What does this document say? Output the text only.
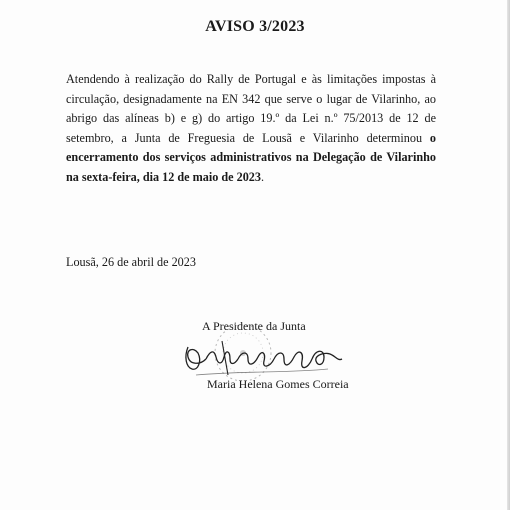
AVISO 3/2023

Atendendo à realização do Rally de Portugal e às limitações impostas à circulação, designadamente na EN 342 que serve o lugar de Vilarinho, ao abrigo das alíneas b) e g) do artigo 19.º da Lei n.º 75/2013 de 12 de setembro, a Junta de Freguesia de Lousã e Vilarinho determinou o encerramento dos serviços administrativos na Delegação de Vilarinho na sexta-feira, dia 12 de maio de 2023.

Lousã, 26 de abril de 2023
A Presidente da Junta
Maria Helena Gomes Correia
